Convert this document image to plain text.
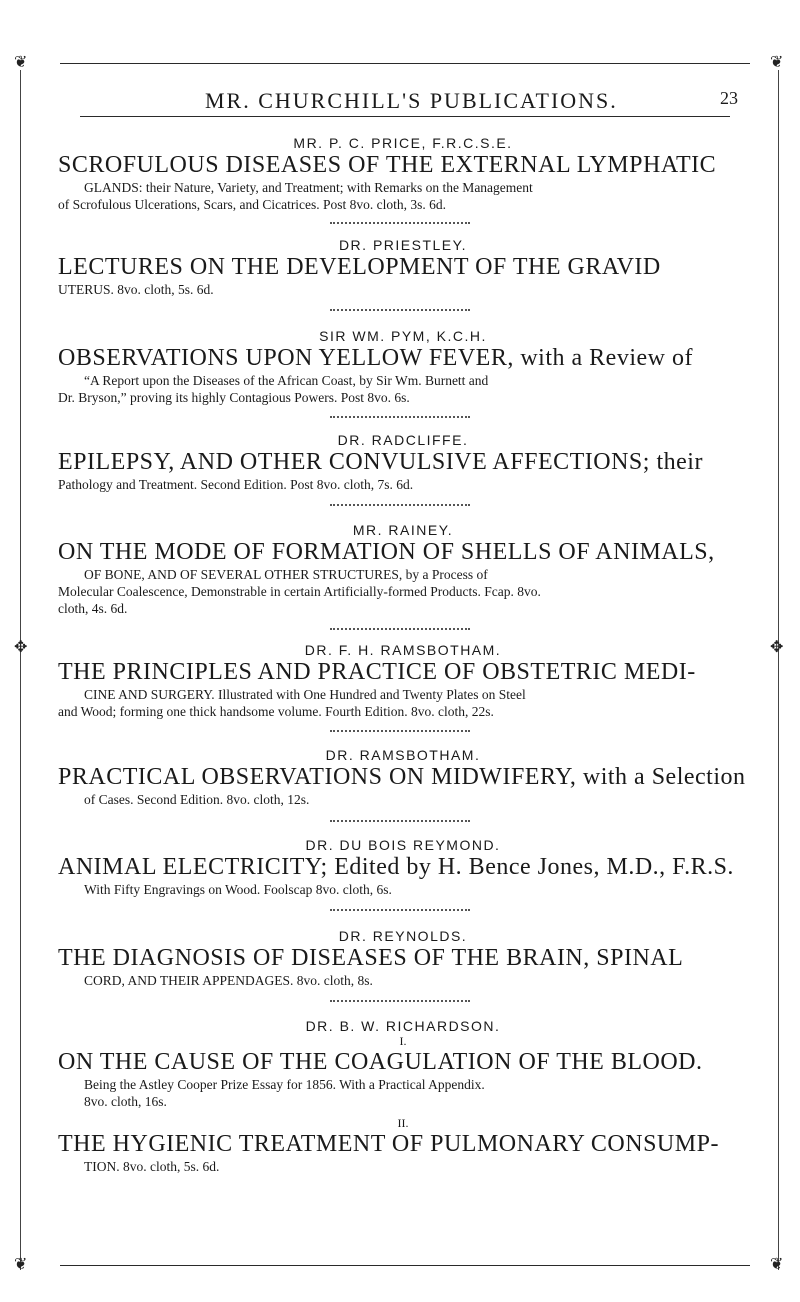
❦	❦
❦	❦
✥	✥
MR. CHURCHILL'S PUBLICATIONS.	23
MR. P. C. PRICE, F.R.C.S.E.
SCROFULOUS DISEASES OF THE EXTERNAL LYMPHATIC
GLANDS: their Nature, Variety, and Treatment; with Remarks on the Management
of Scrofulous Ulcerations, Scars, and Cicatrices. Post 8vo. cloth, 3s. 6d.
DR. PRIESTLEY.
LECTURES ON THE DEVELOPMENT OF THE GRAVID
UTERUS. 8vo. cloth, 5s. 6d.
SIR WM. PYM, K.C.H.
OBSERVATIONS UPON YELLOW FEVER, with a Review of
“A Report upon the Diseases of the African Coast, by Sir Wm. Burnett and
Dr. Bryson,” proving its highly Contagious Powers. Post 8vo. 6s.
DR. RADCLIFFE.
EPILEPSY, AND OTHER CONVULSIVE AFFECTIONS; their
Pathology and Treatment. Second Edition. Post 8vo. cloth, 7s. 6d.
MR. RAINEY.
ON THE MODE OF FORMATION OF SHELLS OF ANIMALS,
OF BONE, AND OF SEVERAL OTHER STRUCTURES, by a Process of
Molecular Coalescence, Demonstrable in certain Artificially-formed Products. Fcap. 8vo.
cloth, 4s. 6d.
DR. F. H. RAMSBOTHAM.
THE PRINCIPLES AND PRACTICE OF OBSTETRIC MEDI-
CINE AND SURGERY. Illustrated with One Hundred and Twenty Plates on Steel
and Wood; forming one thick handsome volume. Fourth Edition. 8vo. cloth, 22s.
DR. RAMSBOTHAM.
PRACTICAL OBSERVATIONS ON MIDWIFERY, with a Selection
of Cases. Second Edition. 8vo. cloth, 12s.
DR. DU BOIS REYMOND.
ANIMAL ELECTRICITY; Edited by H. Bence Jones, M.D., F.R.S.
With Fifty Engravings on Wood. Foolscap 8vo. cloth, 6s.
DR. REYNOLDS.
THE DIAGNOSIS OF DISEASES OF THE BRAIN, SPINAL
CORD, AND THEIR APPENDAGES. 8vo. cloth, 8s.
DR. B. W. RICHARDSON.
I.
ON THE CAUSE OF THE COAGULATION OF THE BLOOD.
Being the Astley Cooper Prize Essay for 1856. With a Practical Appendix.
8vo. cloth, 16s.
II.
THE HYGIENIC TREATMENT OF PULMONARY CONSUMP-
TION. 8vo. cloth, 5s. 6d.
